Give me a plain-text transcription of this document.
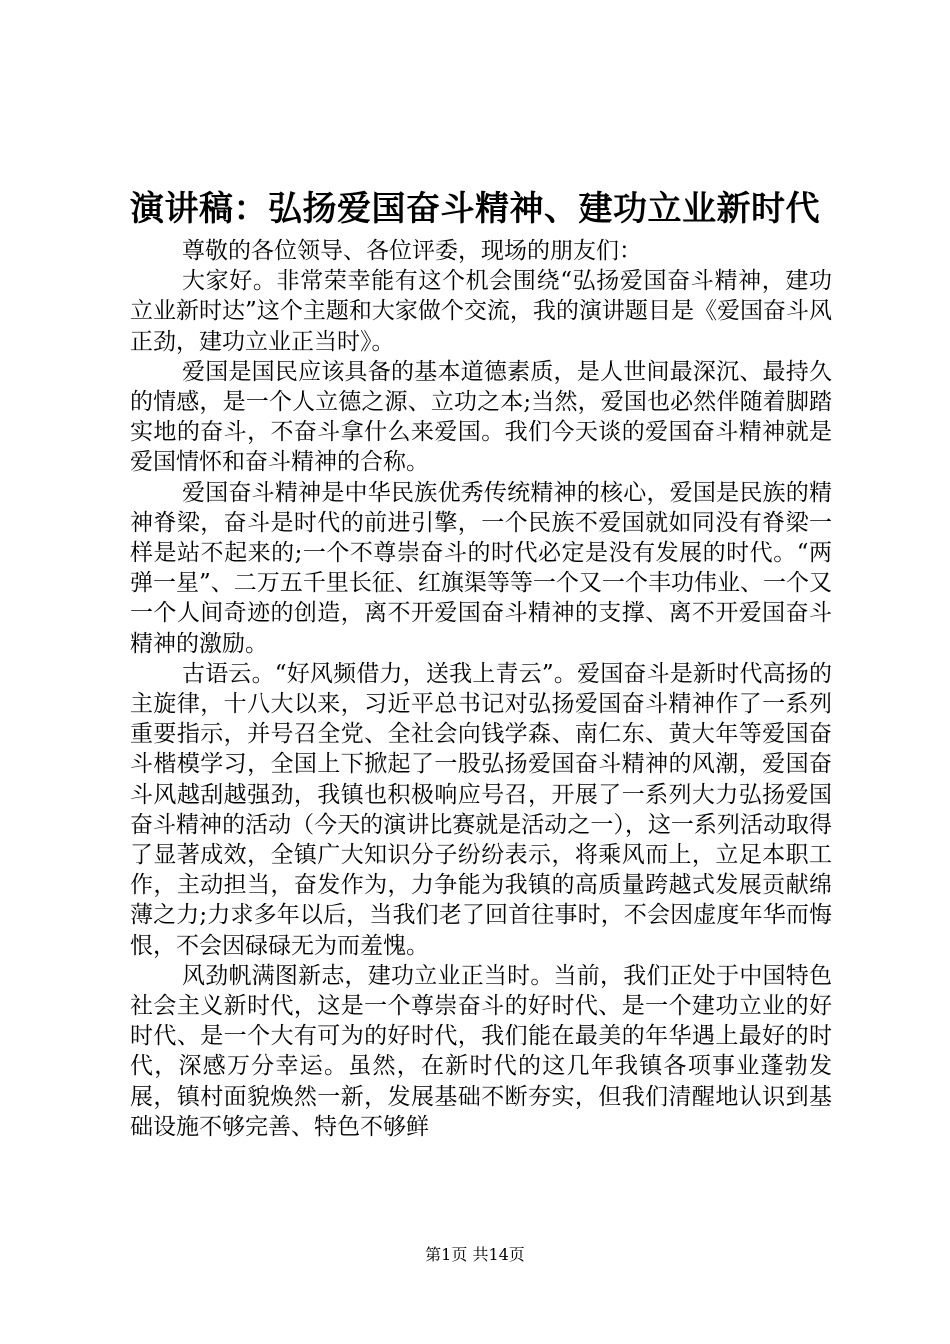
演讲稿：弘扬爱国奋斗精神、建功立业新时代

尊敬的各位领导、各位评委，现场的朋友们：

大家好。非常荣幸能有这个机会围绕“弘扬爱国奋斗精神，建功立业新时达”这个主题和大家做个交流，我的演讲题目是《爱国奋斗风正劲，建功立业正当时》。

爱国是国民应该具备的基本道德素质，是人世间最深沉、最持久的情感，是一个人立德之源、立功之本;当然，爱国也必然伴随着脚踏实地的奋斗，不奋斗拿什么来爱国。我们今天谈的爱国奋斗精神就是爱国情怀和奋斗精神的合称。

爱国奋斗精神是中华民族优秀传统精神的核心，爱国是民族的精神脊梁，奋斗是时代的前进引擎，一个民族不爱国就如同没有脊梁一样是站不起来的;一个不尊崇奋斗的时代必定是没有发展的时代。“两弹一星”、二万五千里长征、红旗渠等等一个又一个丰功伟业、一个又一个人间奇迹的创造，离不开爱国奋斗精神的支撑、离不开爱国奋斗精神的激励。

古语云。“好风频借力，送我上青云”。爱国奋斗是新时代高扬的主旋律，十八大以来，习近平总书记对弘扬爱国奋斗精神作了一系列重要指示，并号召全党、全社会向钱学森、南仁东、黄大年等爱国奋斗楷模学习，全国上下掀起了一股弘扬爱国奋斗精神的风潮，爱国奋斗风越刮越强劲，我镇也积极响应号召，开展了一系列大力弘扬爱国奋斗精神的活动（今天的演讲比赛就是活动之一），这一系列活动取得了显著成效，全镇广大知识分子纷纷表示，将乘风而上，立足本职工作，主动担当，奋发作为，力争能为我镇的高质量跨越式发展贡献绵薄之力;力求多年以后，当我们老了回首往事时，不会因虚度年华而悔恨，不会因碌碌无为而羞愧。

风劲帆满图新志，建功立业正当时。当前，我们正处于中国特色社会主义新时代，这是一个尊崇奋斗的好时代、是一个建功立业的好时代、是一个大有可为的好时代，我们能在最美的年华遇上最好的时代，深感万分幸运。虽然，在新时代的这几年我镇各项事业蓬勃发展，镇村面貌焕然一新，发展基础不断夯实，但我们清醒地认识到基础设施不够完善、特色不够鲜

第1页 共14页
